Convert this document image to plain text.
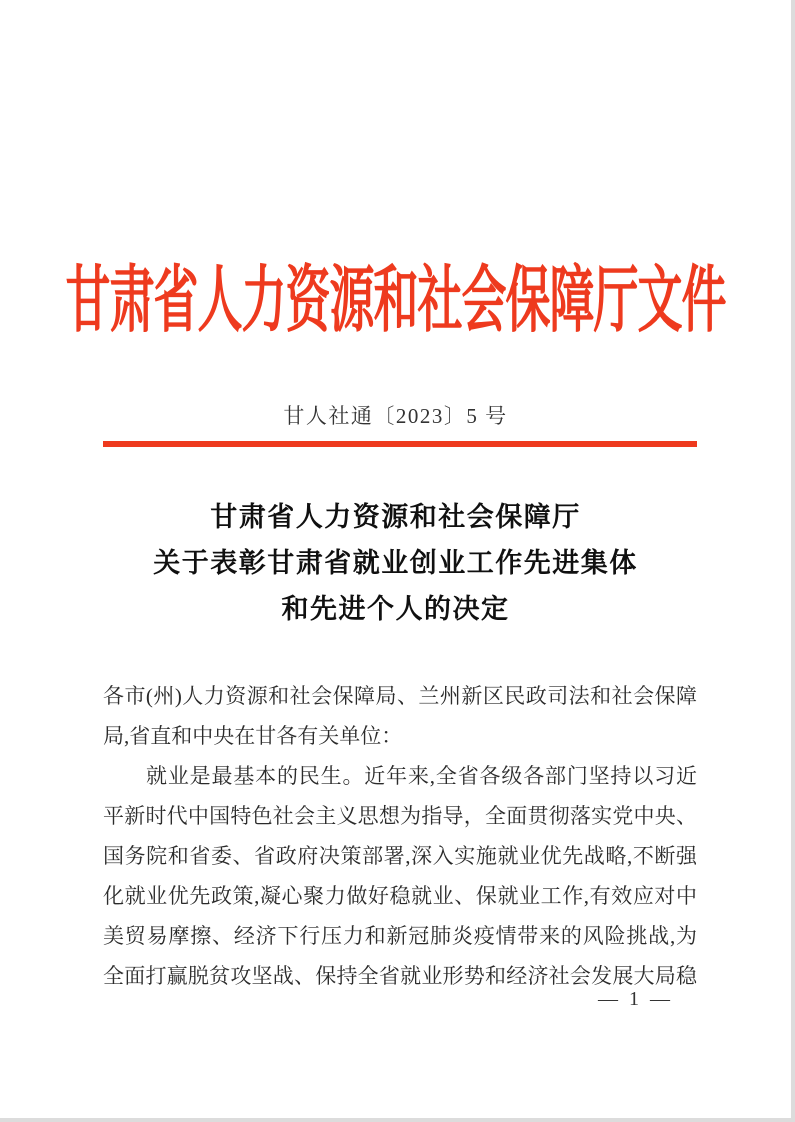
甘肃省人力资源和社会保障厅文件
甘人社通〔2023〕5 号
甘肃省人力资源和社会保障厅
关于表彰甘肃省就业创业工作先进集体
和先进个人的决定
各市(州)人力资源和社会保障局、兰州新区民政司法和社会保障
局,省直和中央在甘各有关单位：
就业是最基本的民生。近年来,全省各级各部门坚持以习近
平新时代中国特色社会主义思想为指导，全面贯彻落实党中央、
国务院和省委、省政府决策部署,深入实施就业优先战略,不断强
化就业优先政策,凝心聚力做好稳就业、保就业工作,有效应对中
美贸易摩擦、经济下行压力和新冠肺炎疫情带来的风险挑战,为
全面打赢脱贫攻坚战、保持全省就业形势和经济社会发展大局稳
— 1 —
